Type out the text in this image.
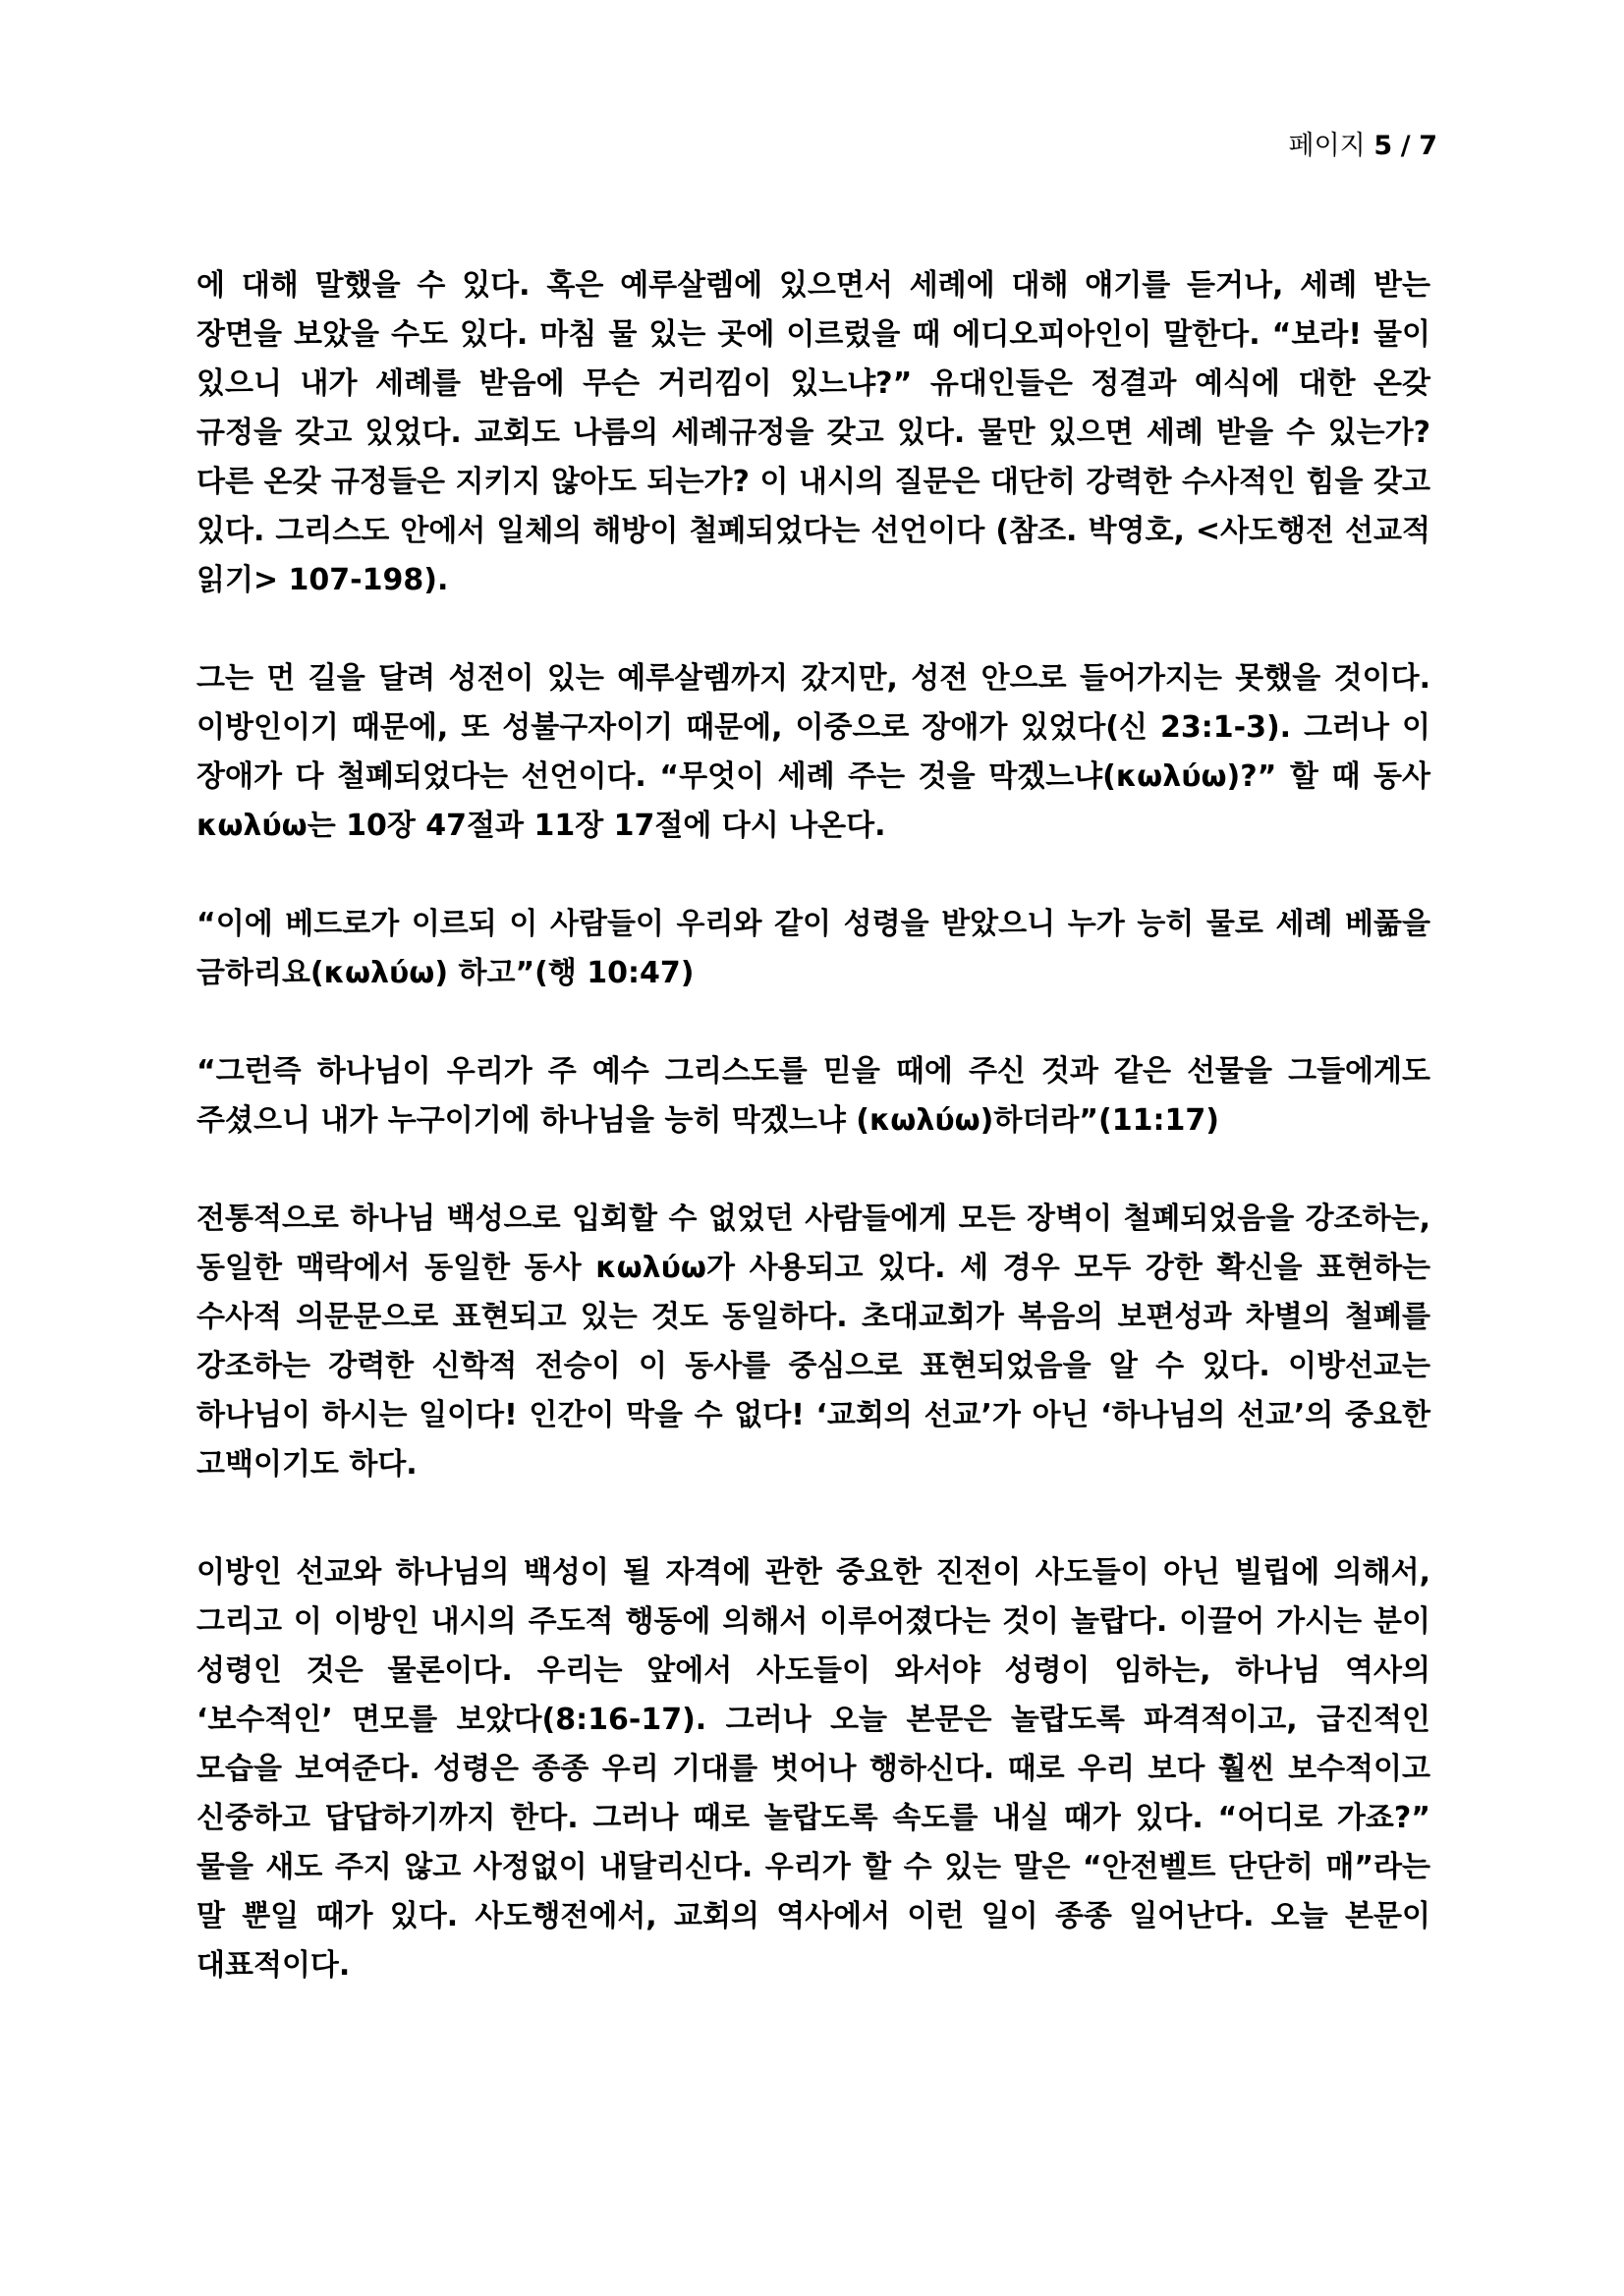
페이지 5 / 7

에 대해 말했을 수 있다. 혹은 예루살렘에 있으면서 세례에 대해 얘기를 듣거나, 세례 받는 장면을 보았을 수도 있다. 마침 물 있는 곳에 이르렀을 때 에디오피아인이 말한다. “보라! 물이 있으니 내가 세례를 받음에 무슨 거리낌이 있느냐?” 유대인들은 정결과 예식에 대한 온갖 규정을 갖고 있었다. 교회도 나름의 세례규정을 갖고 있다. 물만 있으면 세례 받을 수 있는가? 다른 온갖 규정들은 지키지 않아도 되는가? 이 내시의 질문은 대단히 강력한 수사적인 힘을 갖고 있다. 그리스도 안에서 일체의 해방이 철폐되었다는 선언이다 (참조. 박영호, <사도행전 선교적 읽기> 107-198).

그는 먼 길을 달려 성전이 있는 예루살렘까지 갔지만, 성전 안으로 들어가지는 못했을 것이다. 이방인이기 때문에, 또 성불구자이기 때문에, 이중으로 장애가 있었다(신 23:1-3). 그러나 이 장애가 다 철폐되었다는 선언이다. “무엇이 세례 주는 것을 막겠느냐(κωλύω)?” 할 때 동사 κωλύω는 10장 47절과 11장 17절에 다시 나온다.

“이에 베드로가 이르되 이 사람들이 우리와 같이 성령을 받았으니 누가 능히 물로 세례 베풂을 금하리요(κωλύω) 하고”(행 10:47)

“그런즉 하나님이 우리가 주 예수 그리스도를 믿을 때에 주신 것과 같은 선물을 그들에게도 주셨으니 내가 누구이기에 하나님을 능히 막겠느냐 (κωλύω)하더라”(11:17)

전통적으로 하나님 백성으로 입회할 수 없었던 사람들에게 모든 장벽이 철폐되었음을 강조하는, 동일한 맥락에서 동일한 동사 κωλύω가 사용되고 있다. 세 경우 모두 강한 확신을 표현하는 수사적 의문문으로 표현되고 있는 것도 동일하다. 초대교회가 복음의 보편성과 차별의 철폐를 강조하는 강력한 신학적 전승이 이 동사를 중심으로 표현되었음을 알 수 있다. 이방선교는 하나님이 하시는 일이다! 인간이 막을 수 없다! ‘교회의 선교’가 아닌 ‘하나님의 선교’의 중요한 고백이기도 하다.

이방인 선교와 하나님의 백성이 될 자격에 관한 중요한 진전이 사도들이 아닌 빌립에 의해서, 그리고 이 이방인 내시의 주도적 행동에 의해서 이루어졌다는 것이 놀랍다. 이끌어 가시는 분이 성령인 것은 물론이다. 우리는 앞에서 사도들이 와서야 성령이 임하는, 하나님 역사의 ‘보수적인’ 면모를 보았다(8:16-17). 그러나 오늘 본문은 놀랍도록 파격적이고, 급진적인 모습을 보여준다. 성령은 종종 우리 기대를 벗어나 행하신다. 때로 우리 보다 훨씬 보수적이고 신중하고 답답하기까지 한다. 그러나 때로 놀랍도록 속도를 내실 때가 있다. “어디로 가죠?” 물을 새도 주지 않고 사정없이 내달리신다. 우리가 할 수 있는 말은 “안전벨트 단단히 매”라는 말 뿐일 때가 있다. 사도행전에서, 교회의 역사에서 이런 일이 종종 일어난다. 오늘 본문이 대표적이다.
